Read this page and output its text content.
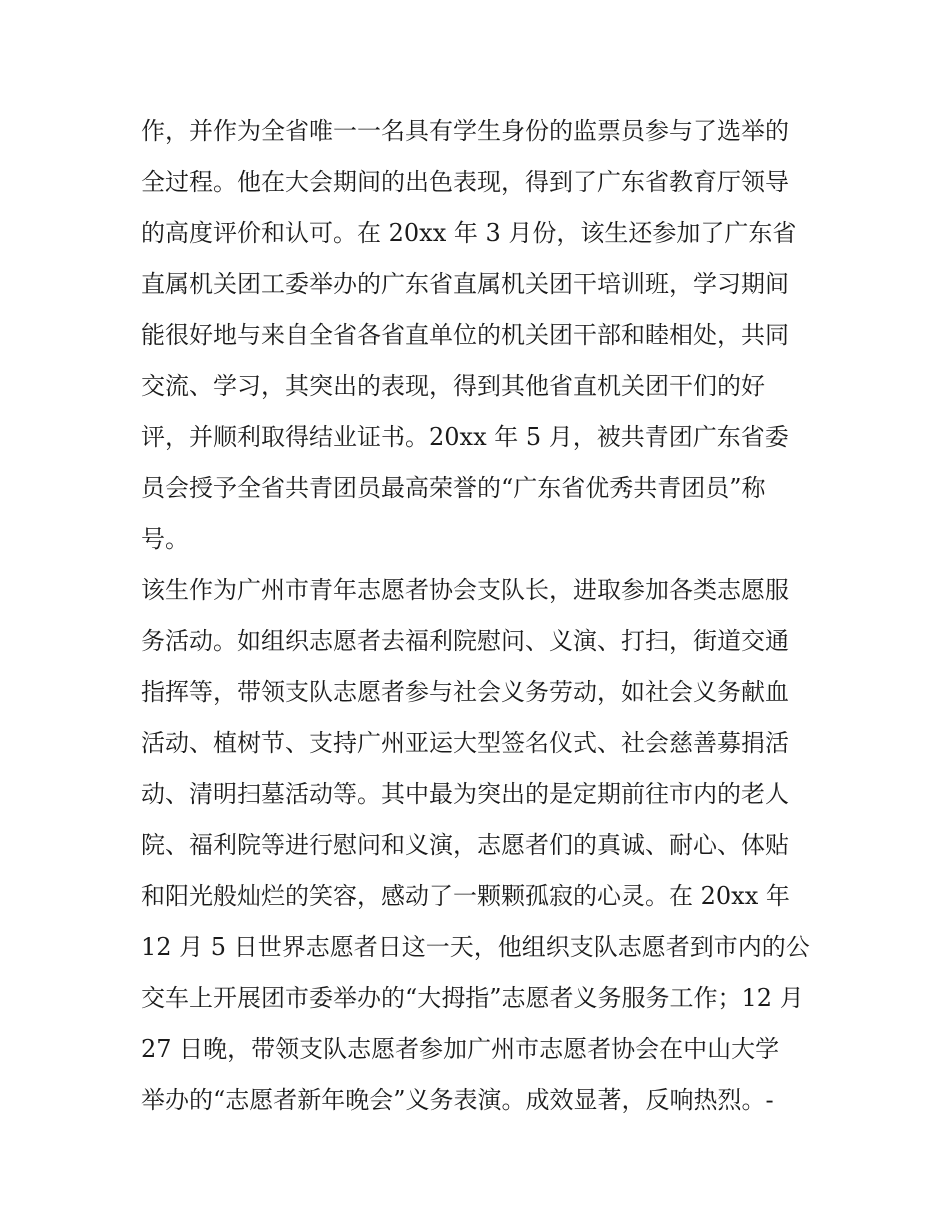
作，并作为全省唯一一名具有学生身份的监票员参与了选举的
全过程。他在大会期间的出色表现，得到了广东省教育厅领导
的高度评价和认可。在 20xx 年 3 月份，该生还参加了广东省
直属机关团工委举办的广东省直属机关团干培训班，学习期间
能很好地与来自全省各省直单位的机关团干部和睦相处，共同
交流、学习，其突出的表现，得到其他省直机关团干们的好
评，并顺利取得结业证书。20xx 年 5 月，被共青团广东省委
员会授予全省共青团员最高荣誉的“广东省优秀共青团员”称
号。
该生作为广州市青年志愿者协会支队长，进取参加各类志愿服
务活动。如组织志愿者去福利院慰问、义演、打扫，街道交通
指挥等，带领支队志愿者参与社会义务劳动，如社会义务献血
活动、植树节、支持广州亚运大型签名仪式、社会慈善募捐活
动、清明扫墓活动等。其中最为突出的是定期前往市内的老人
院、福利院等进行慰问和义演，志愿者们的真诚、耐心、体贴
和阳光般灿烂的笑容，感动了一颗颗孤寂的心灵。在 20xx 年
12 月 5 日世界志愿者日这一天，他组织支队志愿者到市内的公
交车上开展团市委举办的“大拇指”志愿者义务服务工作；12 月
27 日晚，带领支队志愿者参加广州市志愿者协会在中山大学
举办的“志愿者新年晚会”义务表演。成效显著，反响热烈。-
